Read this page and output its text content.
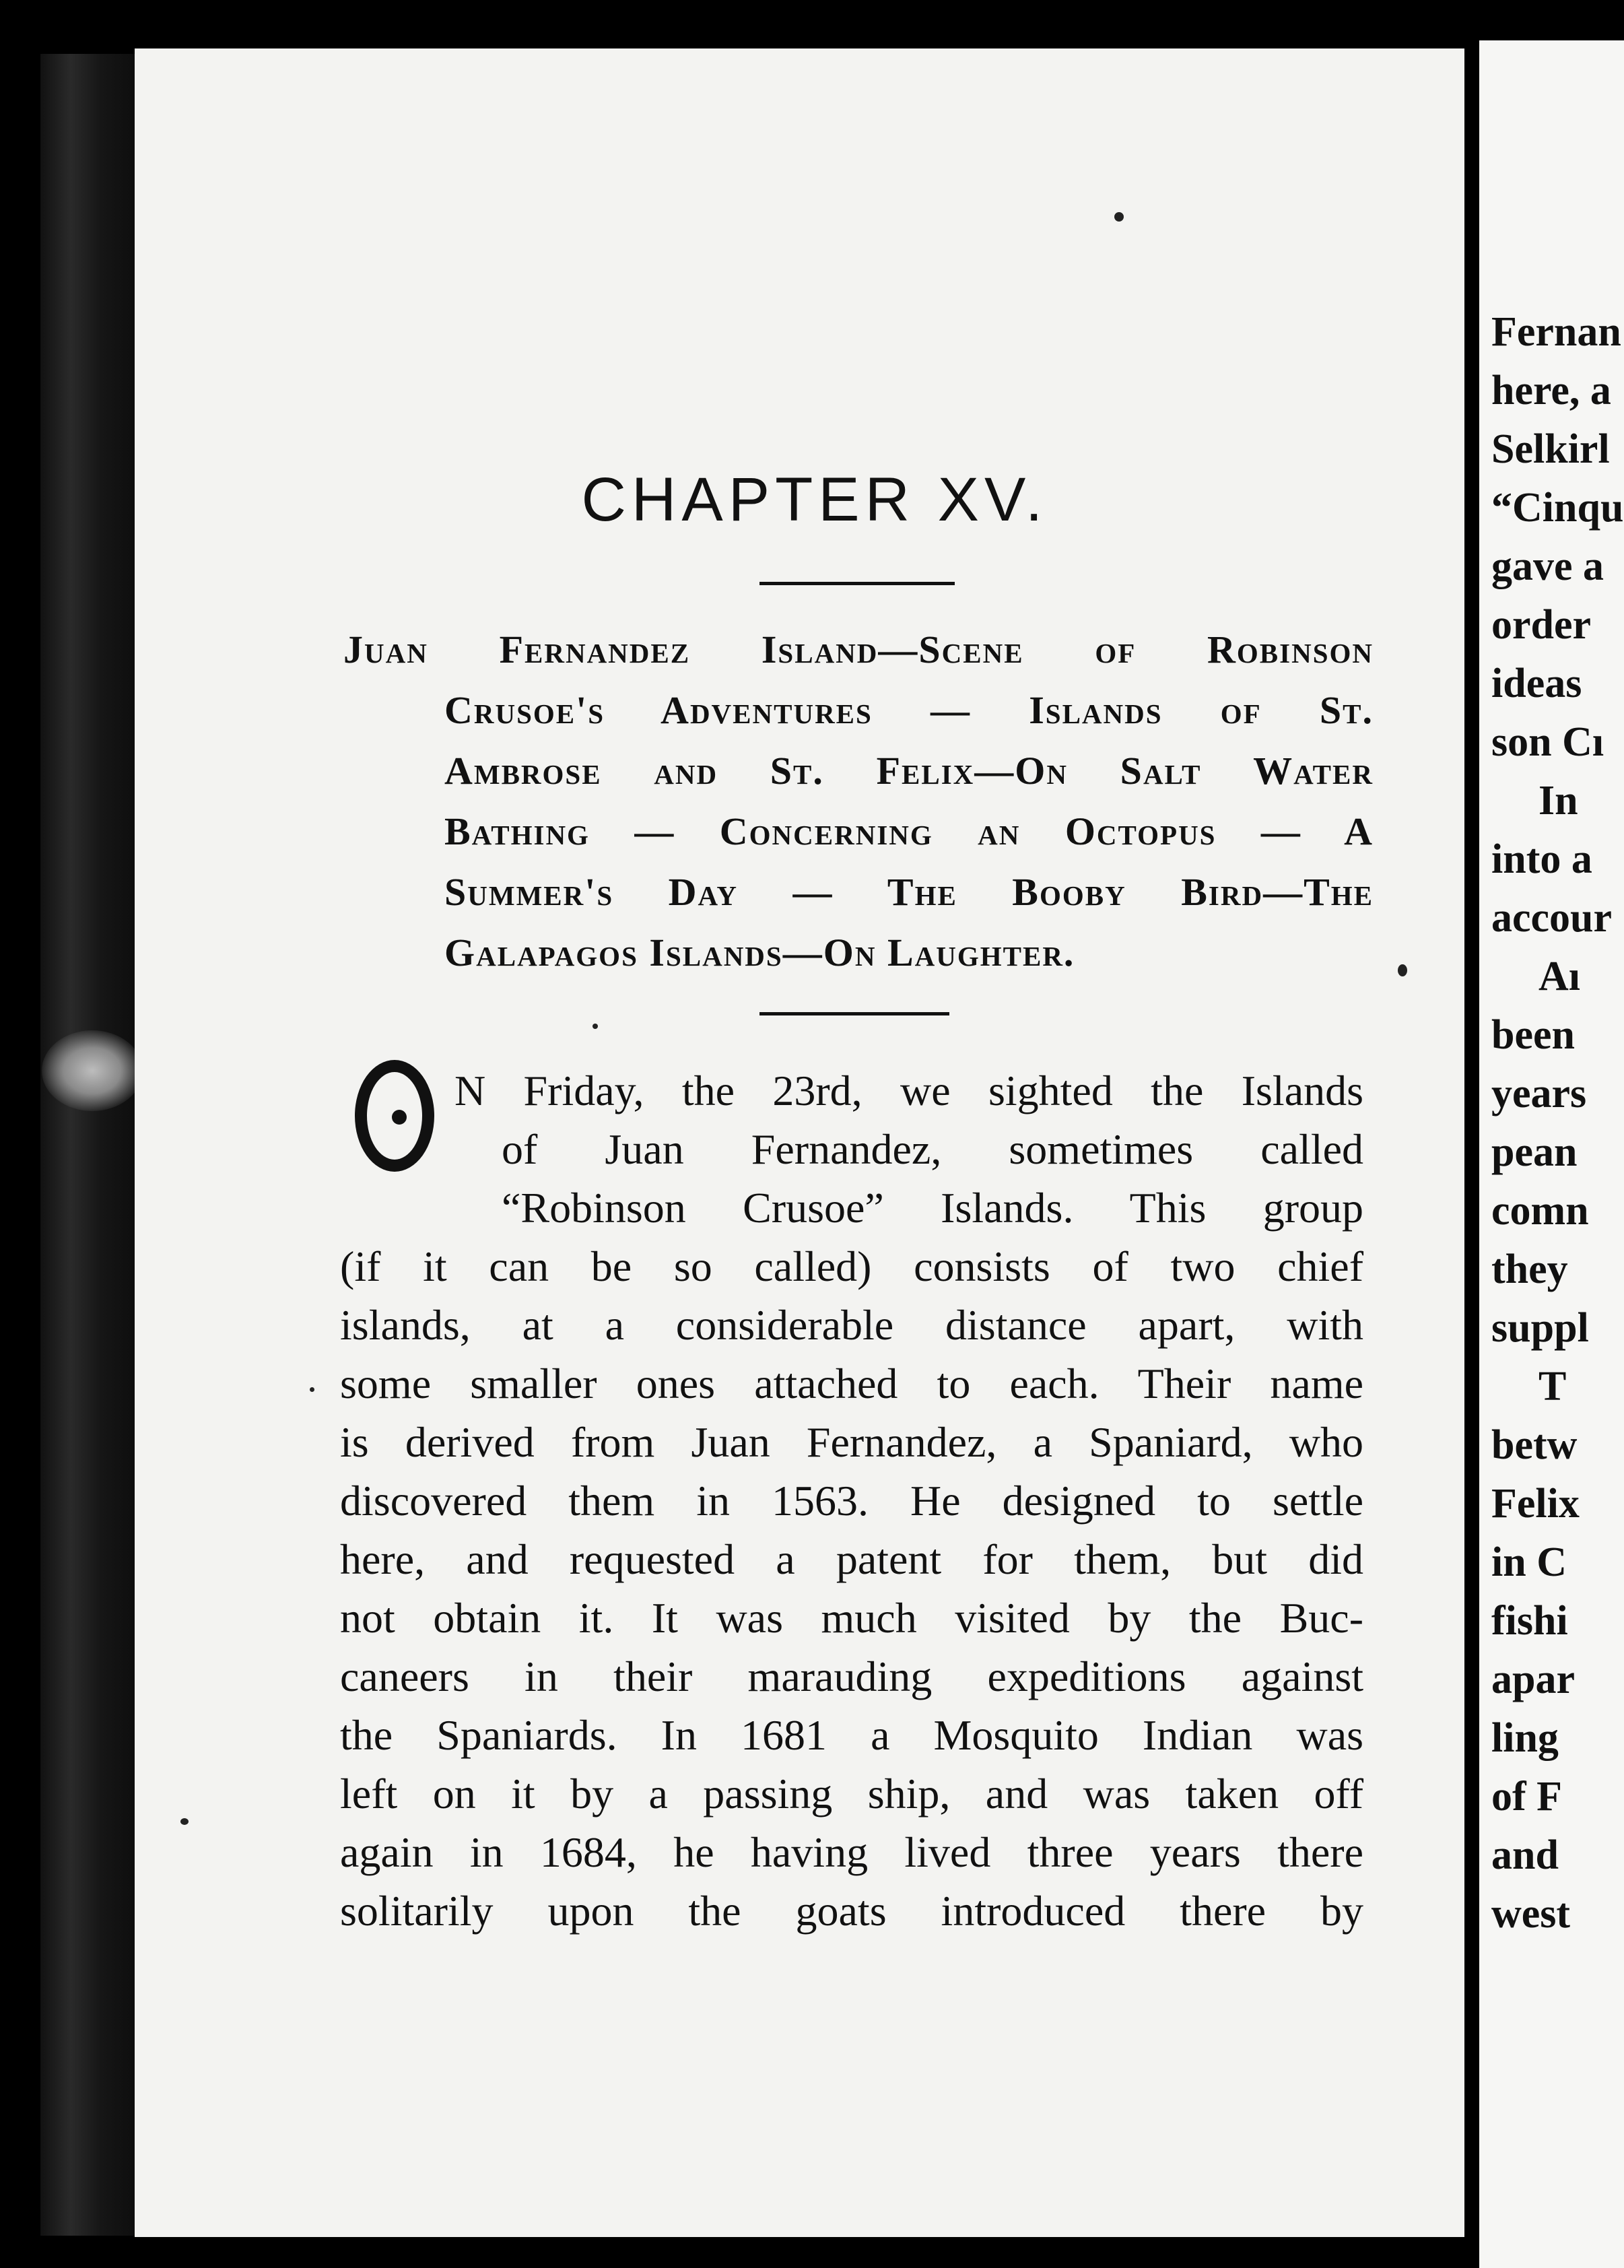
Fernan
here, a
Selkirl
“Cinqu
gave a
order
ideas
son Cı
In
into a
accour
Aı
been
years
pean
comn
they
suppl
T
betw
Felix
in C
fishi
apar
ling
of F
and
west
CHAPTER XV.
Juan Fernandez Island—Scene of Robinson
Crusoe's Adventures — Islands of St.
Ambrose and St. Felix—On Salt Water
Bathing — Concerning an Octopus — A
Summer's Day — The Booby Bird—The
Galapagos Islands—On Laughter.
N Friday, the 23rd, we sighted the Islands
of Juan Fernandez, sometimes called
“Robinson Crusoe” Islands. This group
(if it can be so called) consists of two chief
islands, at a considerable distance apart, with
some smaller ones attached to each. Their name
is derived from Juan Fernandez, a Spaniard, who
discovered them in 1563. He designed to settle
here, and requested a patent for them, but did
not obtain it. It was much visited by the Buc-
caneers in their marauding expeditions against
the Spaniards. In 1681 a Mosquito Indian was
left on it by a passing ship, and was taken off
again in 1684, he having lived three years there
solitarily upon the goats introduced there by
